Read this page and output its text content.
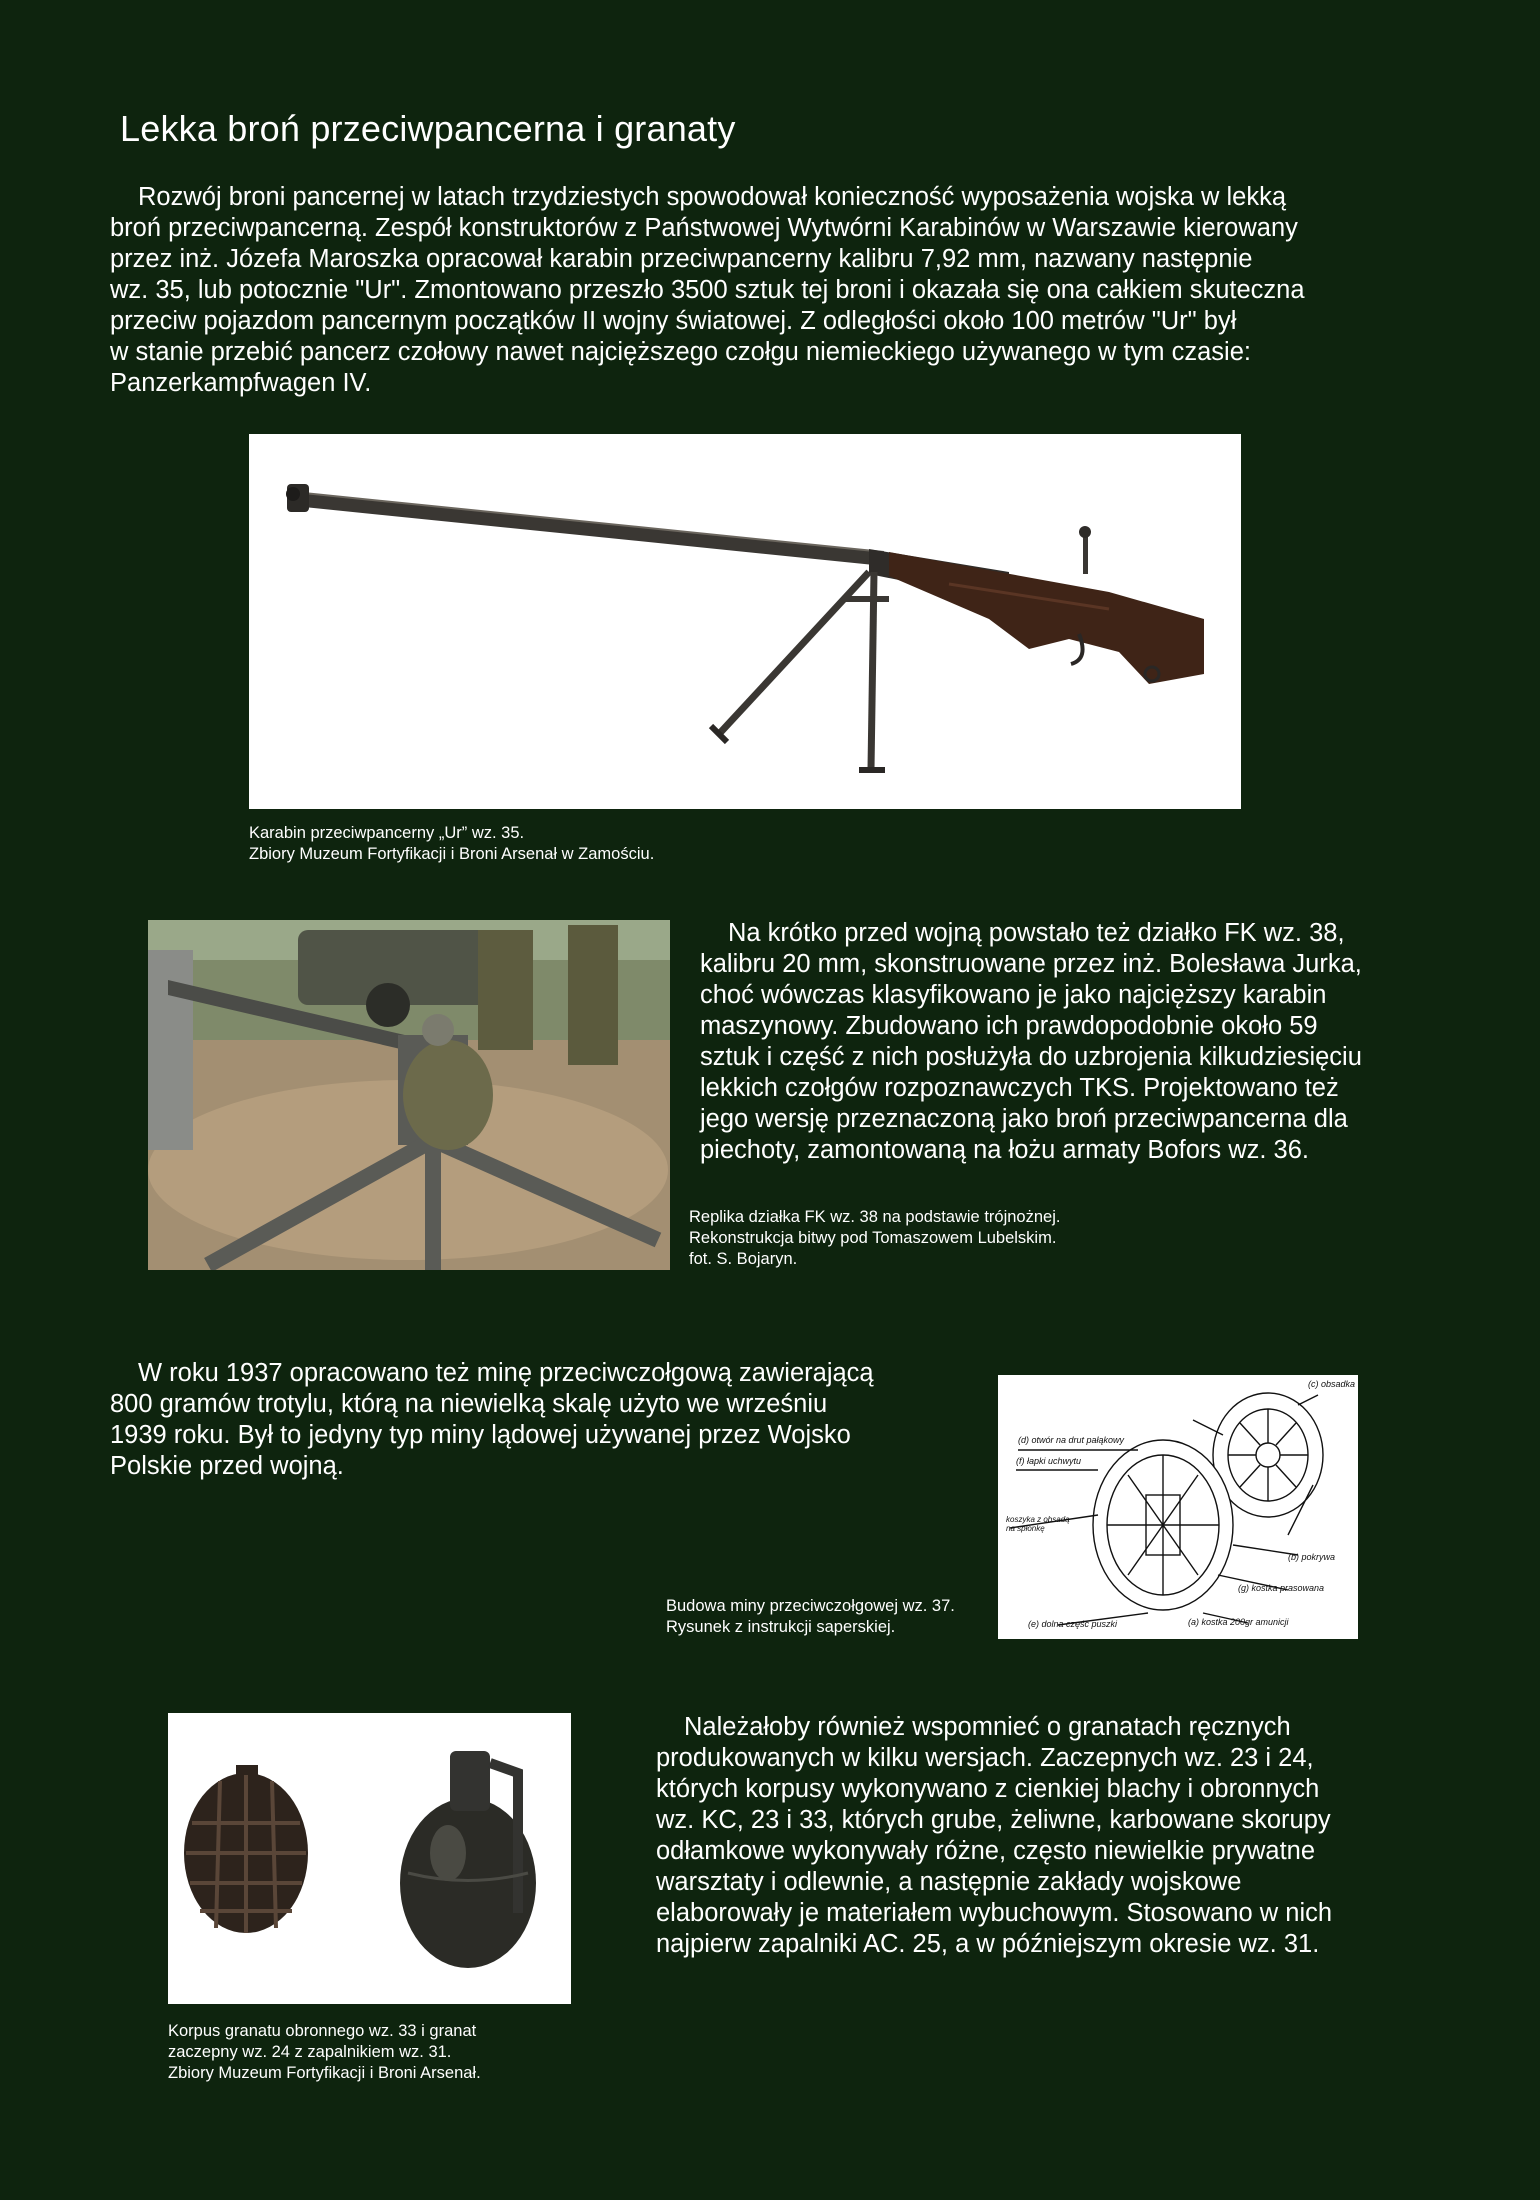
Lekka broń przeciwpancerna i granaty
Rozwój broni pancernej w latach trzydziestych spowodował konieczność wyposażenia wojska w lekką
broń przeciwpancerną. Zespół konstruktorów z Państwowej Wytwórni Karabinów w Warszawie kierowany
przez inż. Józefa Maroszka opracował karabin przeciwpancerny kalibru 7,92 mm, nazwany następnie
wz. 35, lub potocznie "Ur". Zmontowano przeszło 3500 sztuk tej broni i okazała się ona całkiem skuteczna
przeciw pojazdom pancernym początków II wojny światowej. Z odległości około 100 metrów "Ur" był
w stanie przebić pancerz czołowy nawet najcięższego czołgu niemieckiego używanego w tym czasie:
Panzerkampfwagen IV.
Karabin przeciwpancerny „Ur” wz. 35.
Zbiory Muzeum Fortyfikacji i Broni Arsenał w Zamościu.
Na krótko przed wojną powstało też działko FK wz. 38,
kalibru 20 mm, skonstruowane przez inż. Bolesława Jurka,
choć wówczas klasyfikowano je jako najcięższy karabin
maszynowy. Zbudowano ich prawdopodobnie około 59
sztuk i część z nich posłużyła do uzbrojenia kilkudziesięciu
lekkich czołgów rozpoznawczych TKS. Projektowano też
jego wersję przeznaczoną jako broń przeciwpancerna dla
piechoty, zamontowaną na łożu armaty Bofors wz. 36.
Replika działka FK wz. 38 na podstawie trójnożnej.
Rekonstrukcja bitwy pod Tomaszowem Lubelskim.
fot. S. Bojaryn.
W roku 1937 opracowano też minę przeciwczołgową zawierającą
800 gramów trotylu, którą na niewielką skalę użyto we wrześniu
1939 roku. Był to jedyny typ miny lądowej używanej przez Wojsko
Polskie przed wojną.
(c) obsadka
(d) otwór na drut pałąkowy
(f) łapki uchwytu
koszyka z obsadą na spłonkę
(b) pokrywa
(g) kostka prasowana
(e) dolna część puszki	(a) kostka 200gr amunicji
Budowa miny przeciwczołgowej wz. 37.
Rysunek z instrukcji saperskiej.
Korpus granatu obronnego wz. 33 i granat
zaczepny wz. 24 z zapalnikiem wz. 31.
Zbiory Muzeum Fortyfikacji i Broni Arsenał.
Należałoby również wspomnieć o granatach ręcznych
produkowanych w kilku wersjach. Zaczepnych wz. 23 i 24,
których korpusy wykonywano z cienkiej blachy i obronnych
wz. KC, 23 i 33, których grube, żeliwne, karbowane skorupy
odłamkowe wykonywały różne, często niewielkie prywatne
warsztaty i odlewnie, a następnie zakłady wojskowe
elaborowały je materiałem wybuchowym. Stosowano w nich
najpierw zapalniki AC. 25, a w późniejszym okresie wz. 31.
